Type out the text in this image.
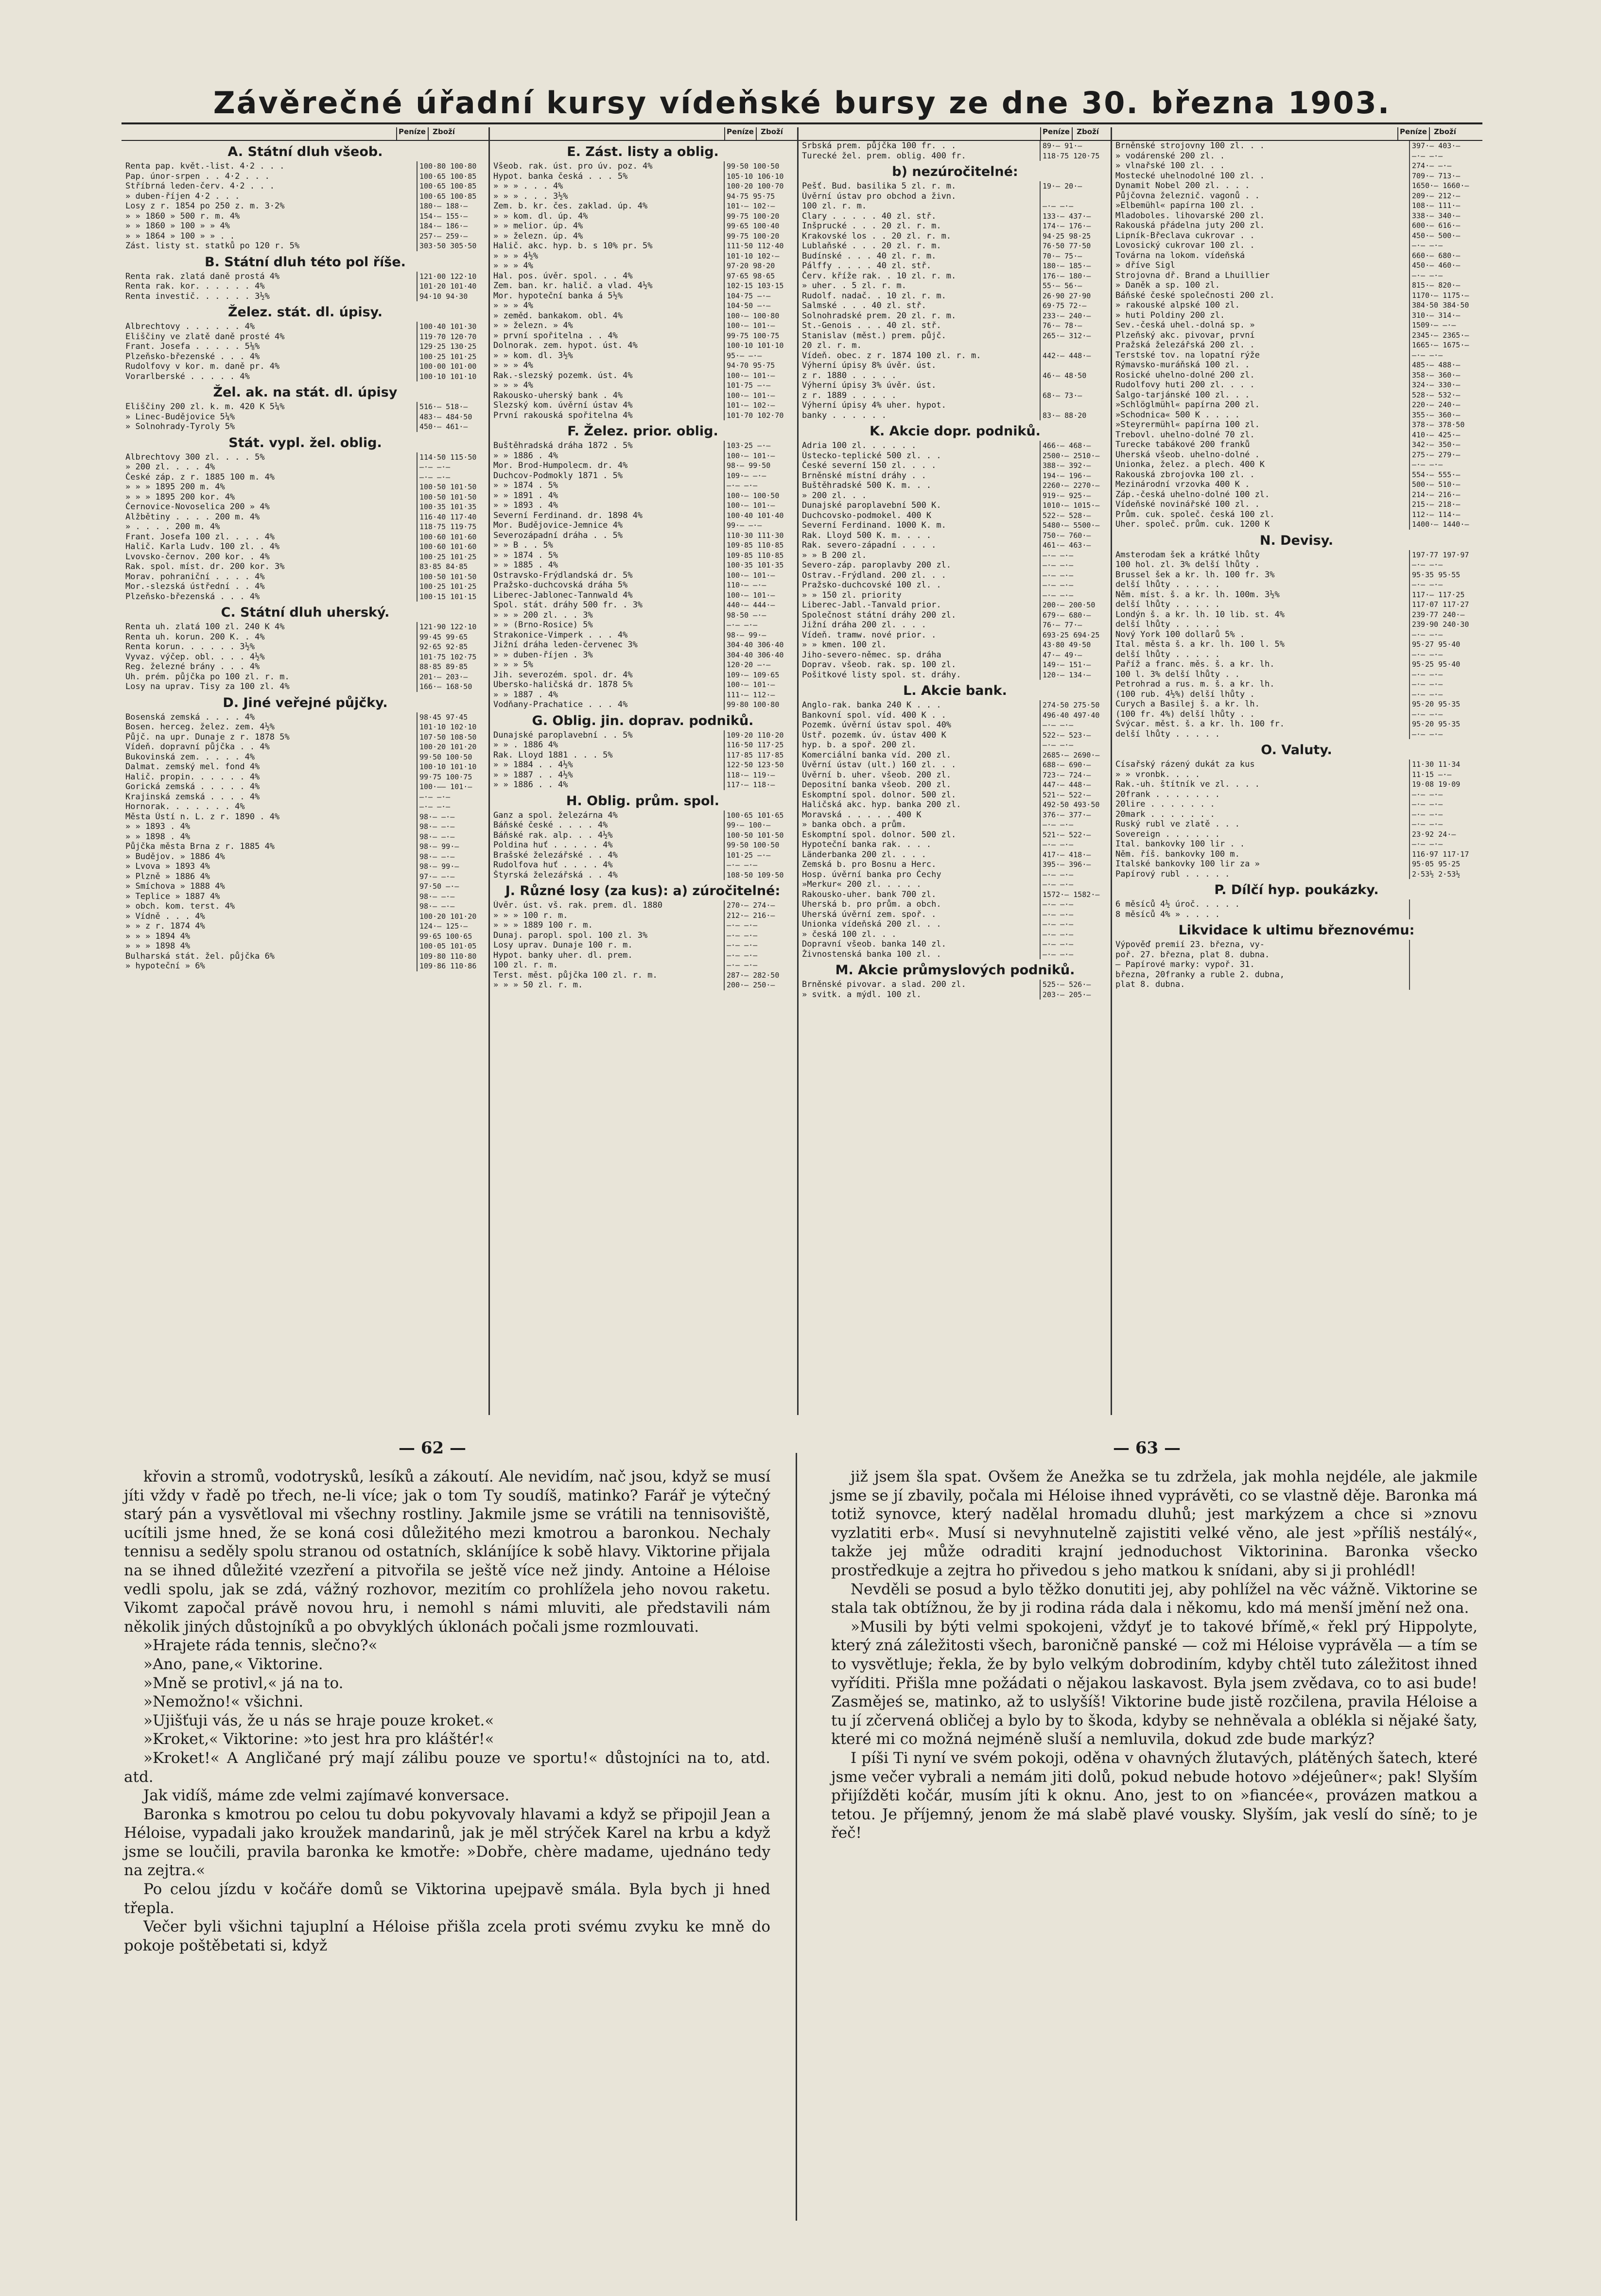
Závěrečné úřadní kursy vídeňské bursy ze dne 30. března 1903.
Peníze Zboží	Peníze Zboží	Peníze Zboží	Peníze Zboží
A. Státní dluh všeob.
Renta pap. květ.-list. 4·2 . . .	100·80 100·80
Pap. únor-srpen . . 4·2 . . .	100·65 100·85
Stříbrná leden-červ. 4·2 . . .	100·65 100·85
» duben-říjen 4·2 . . .	100·65 100·85
Losy z r. 1854 po 250 z. m. 3·2%	180·— 188·—
» » 1860 » 500 r. m. 4%	154·— 155·—
» » 1860 » 100 » » 4%	184·— 186·—
» » 1864 » 100 » » . .	257·— 259·—
Zást. listy st. statků po 120 r. 5%	303·50 305·50
B. Státní dluh této pol říše.
Renta rak. zlatá daně prostá 4%	121·00 122·10
Renta rak. kor. . . . . . 4%	101·20 101·40
Renta investič. . . . . . 3½%	94·10 94·30
Želez. stát. dl. úpisy.
Albrechtovy . . . . . . 4%	100·40 101·30
Eliščiny ve zlatě daně prosté 4%	119·70 120·70
Frant. Josefa . . . . . 5⅛%	129·25 130·25
Plzeňsko-březenské . . . 4%	100·25 101·25
Rudolfovy v kor. m. daně pr. 4%	100·00 101·00
Vorarlberské . . . . . 4%	100·10 101·10
Žel. ak. na stát. dl. úpisy
Eliščiny 200 zl. k. m. 420 K 5¼%	516·— 518·—
» Linec-Budějovice 5¼%	483·— 484·50
» Solnohrady-Tyroly 5%	450·— 461·—
Stát. vypl. žel. oblig.
Albrechtovy 300 zl. . . . 5%	114·50 115·50
» 200 zl. . . . 4%	—·— —·—
České záp. z r. 1885 100 m. 4%	—·— —·—
» » » 1895 200 m. 4%	100·50 101·50
» » » 1895 200 kor. 4%	100·50 101·50
Černovice-Novoselica 200 » 4%	100·35 101·35
Alžbětiny . . . . 200 m. 4%	116·40 117·40
» . . . . 200 m. 4%	118·75 119·75
Frant. Josefa 100 zl. . . . 4%	100·60 101·60
Halič. Karla Ludv. 100 zl. . 4%	100·60 101·60
Lvovsko-černov. 200 kor. . 4%	100·25 101·25
Rak. spol. míst. dr. 200 kor. 3%	83·85 84·85
Morav. pohraniční . . . . 4%	100·50 101·50
Mor.-slezská ústřední . . 4%	100·25 101·25
Plzeňsko-březenská . . . 4%	100·15 101·15
C. Státní dluh uherský.
Renta uh. zlatá 100 zl. 240 K 4%	121·90 122·10
Renta uh. korun. 200 K. . 4%	99·45 99·65
Renta korun. . . . . . 3½%	92·65 92·85
Vyvaz. výčep. obl. . . . 4½%	101·75 102·75
Reg. železné brány . . . 4%	88·85 89·85
Uh. prém. půjčka po 100 zl. r. m.	201·— 203·—
Losy na uprav. Tisy za 100 zl. 4%	166·— 168·50
D. Jiné veřejné půjčky.
Bosenská zemská . . . . 4%	98·45 97·45
Bosen. herceg. želez. zem. 4½%	101·10 102·10
Půjč. na upr. Dunaje z r. 1878 5%	107·50 108·50
Vídeň. dopravní půjčka . . 4%	100·20 101·20
Bukovinská zem. . . . . 4%	99·50 100·50
Dalmat. zemský mel. fond 4%	100·10 101·10
Halič. propin. . . . . . 4%	99·75 100·75
Gorická zemská . . . . . 4%	100·—— 101·—
Krajinská zemská . . . . 4%	—·— —·—
Hornorak. . . . . . . 4%	—·— —·—
Města Ústí n. L. z r. 1890 . 4%	98·— —·—
» » 1893 . 4%	98·— —·—
» » 1898 . 4%	98·— —·—
Půjčka města Brna z r. 1885 4%	98·— 99·—
» Budějov. » 1886 4%	98·— —·—
» Lvova » 1893 4%	98·— 99·—
» Plzně » 1886 4%	97·— —·—
» Smíchova » 1888 4%	97·50 —·—
» Teplice » 1887 4%	98·— —·—
» obch. kom. terst. 4%	98·— —·—
» Vídně . . . 4%	100·20 101·20
» » z r. 1874 4%	124·— 125·—
» » » 1894 4%	99·65 100·65
» » » 1898 4%	100·05 101·05
Bulharská stát. žel. půjčka 6%	109·80 110·80
» hypoteční » 6%	109·86 110·86
E. Zást. listy a oblig.
Všeob. rak. úst. pro úv. poz. 4%	99·50 100·50
Hypot. banka česká . . . 5%	105·10 106·10
» » » . . . 4%	100·20 100·70
» » » . . . 3½%	94·75 95·75
Zem. b. kr. čes. zaklad. úp. 4%	101·— 102·—
» » kom. dl. úp. 4%	99·75 100·20
» » melior. úp. 4%	99·65 100·40
» » železn. úp. 4%	99·75 100·20
Halič. akc. hyp. b. s 10% pr. 5%	111·50 112·40
» » » 4½%	101·10 102·—
» » » 4%	97·20 98·20
Hal. pos. úvěr. spol. . . 4%	97·65 98·65
Zem. ban. kr. halič. a vlad. 4½%	102·15 103·15
Mor. hypoteční banka á 5½%	104·75 —·—
» » » 4%	104·50 —·—
» zeměd. bankakom. obl. 4%	100·— 100·80
» » železn. » 4%	100·— 101·—
» první spořitelna . . 4%	99·75 100·75
Dolnorak. zem. hypot. úst. 4%	100·10 101·10
» » kom. dl. 3½%	95·— —·—
» » » 4%	94·70 95·75
Rak.-slezský pozemk. úst. 4%	100·— 101·—
» » » 4%	101·75 —·—
Rakousko-uherský bank . 4%	100·— 101·—
Slezský kom. úvěrní ústav 4%	101·— 102·—
První rakouská spořitelna 4%	101·70 102·70
F. Želez. prior. oblig.
Buštěhradská dráha 1872 . 5%	103·25 —·—
» » 1886 . 4%	100·— 101·—
Mor. Brod-Humpolecm. dr. 4%	98·— 99·50
Duchcov-Podmokly 1871 . 5%	109·— —·—
» » 1874 . 5%	—·— —·—
» » 1891 . 4%	100·— 100·50
» » 1893 . 4%	100·— 101·—
Severní Ferdinand. dr. 1898 4%	100·40 101·40
Mor. Budějovice-Jemnice 4%	99·— —·—
Severozápadní dráha . . 5%	110·30 111·30
» » B . . 5%	109·85 110·85
» » 1874 . 5%	109·85 110·85
» » 1885 . 4%	100·35 101·35
Ostravsko-Frýdlandská dr. 5%	100·— 101·—
Pražsko-duchcovská dráha 5%	110·— —·—
Liberec-Jablonec-Tannwald 4%	100·— 101·—
Spol. stát. dráhy 500 fr. . 3%	440·— 444·—
» » » 200 zl. . . 3%	98·50 —·—
» » (Brno-Rosice) 5%	—·— —·—
Strakonice-Vimperk . . . 4%	98·— 99·—
Jižní dráha leden-červenec 3%	304·40 306·40
» » duben-říjen . 3%	304·40 306·40
» » » 5%	120·20 —·—
Jih. severozém. spol. dr. 4%	109·— 109·65
Ubersko-haličská dr. 1878 5%	100·— 101·—
» » 1887 . 4%	111·— 112·—
Vodňany-Prachatice . . . 4%	99·80 100·80
G. Oblig. jin. doprav. podniků.
Dunajské paroplavební . . 5%	109·20 110·20
» » . 1886 4%	116·50 117·25
Rak. Lloyd 1881 . . . 5%	117·85 117·85
» » 1884 . . 4½%	122·50 123·50
» » 1887 . . 4½%	118·— 119·—
» » 1886 . . 4%	117·— 118·—
H. Oblig. prům. spol.
Ganz a spol. železárna 4%	100·65 101·65
Báňské české . . . . 4%	99·— 100·—
Báňské rak. alp. . . 4½%	100·50 101·50
Poldina huť . . . . . 4%	99·50 100·50
Brašské železářské . . 4%	101·25 —·—
Rudolfova huť . . . . 4%	—·— —·—
Štyrská železářská . . 4%	108·50 109·50
J. Různé losy (za kus): a) zúročitelné:
Úvěr. úst. vš. rak. prem. dl. 1880	270·— 274·—
» » » 100 r. m.	212·— 216·—
» » » 1889 100 r. m.	—·— —·—
Dunaj. paropl. spol. 100 zl. 3%	—·— —·—
Losy uprav. Dunaje 100 r. m.	—·— —·—
Hypot. banky uher. dl. prem.	—·— —·—
100 zl. r. m.	—·— —·—
Terst. měst. půjčka 100 zl. r. m.	287·— 282·50
» » » 50 zl. r. m.	200·— 250·—
Srbská prem. půjčka 100 fr. . .	89·— 91·—
Turecké žel. prem. oblig. 400 fr.	118·75 120·75
b) nezúročitelné:
Pešť. Bud. basilika 5 zl. r. m.	19·— 20·—
Úvěrní ústav pro obchod a živn.
100 zl. r. m.	—·— —·—
Clary . . . . . 40 zl. stř.	133·— 437·—
Inšprucké . . . 20 zl. r. m.	174·— 176·—
Krakovské los . . 20 zl. r. m.	94·25 98·25
Lublaňské . . . 20 zl. r. m.	76·50 77·50
Budínské . . . 40 zl. r. m.	70·— 75·—
Pálffy . . . . 40 zl. stř.	180·— 185·—
Červ. kříže rak. . 10 zl. r. m.	176·— 180·—
» uher. . 5 zl. r. m.	55·— 56·—
Rudolf. nadač. . 10 zl. r. m.	26·90 27·90
Salmské . . . 40 zl. stř.	69·75 72·—
Solnohradské prem. 20 zl. r. m.	233·— 240·—
St.-Genois . . . 40 zl. stř.	76·— 78·—
Stanislav (měst.) prem. půjč.	265·— 312·—
20 zl. r. m.
Vídeň. obec. z r. 1874 100 zl. r. m.	442·— 448·—
Výherní úpisy 8% úvěr. úst.
z r. 1880 . . . . .	46·— 48·50
Výherní úpisy 3% úvěr. úst.
z r. 1889 . . . . .	68·— 73·—
Výherní úpisy 4% uher. hypot.
banky . . . . . .	83·— 88·20
K. Akcie dopr. podniků.
Adria 100 zl. . . . . .	466·— 468·—
Ústecko-teplické 500 zl. . .	2500·— 2510·—
České severní 150 zl. . . .	388·— 392·—
Brněnské místní dráhy . .	194·— 196·—
Buštěhradské 500 K. m. . .	2260·— 2270·—
» 200 zl. . .	919·— 925·—
Dunajské paroplavební 500 K.	1010·— 1015·—
Duchcovsko-podmokel. 400 K	522·— 528·—
Severní Ferdinand. 1000 K. m.	5480·— 5500·—
Rak. Lloyd 500 K. m. . . .	750·— 760·—
Rak. severo-západní . . . .	461·— 463·—
» » B 200 zl.	—·— —·—
Severo-záp. paroplavby 200 zl.	—·— —·—
Ostrav.-Frýdland. 200 zl. . .	—·— —·—
Pražsko-duchcovské 100 zl. .	—·— —·—
» » 150 zl. priority	—·— —·—
Liberec-Jabl.-Tanvald prior.	200·— 200·50
Společnost státní dráhy 200 zl.	679·— 680·—
Jižní dráha 200 zl. . . .	76·— 77·—
Vídeň. tramw. nové prior. .	693·25 694·25
» » kmen. 100 zl.	43·80 49·50
Jiho-severo-němec. sp. dráha	47·— 49·—
Doprav. všeob. rak. sp. 100 zl.	149·— 151·—
Pošitkové listy spol. st. dráhy.	120·— 134·—
L. Akcie bank.
Anglo-rak. banka 240 K . . .	274·50 275·50
Bankovní spol. víd. 400 K . .	496·40 497·40
Pozemk. úvěrní ústav spol. 40%	—·— —·—
Ústř. pozemk. úv. ústav 400 K	522·— 523·—
hyp. b. a spoř. 200 zl.	—·— —·—
Komerciální banka víd. 200 zl.	2685·— 2690·—
Úvěrní ústav (ult.) 160 zl. . .	688·— 690·—
Úvěrní b. uher. všeob. 200 zl.	723·— 724·—
Depositní banka všeob. 200 zl.	447·— 448·—
Eskomptní spol. dolnor. 500 zl.	521·— 522·—
Haličská akc. hyp. banka 200 zl.	492·50 493·50
Moravská . . . . . 400 K	376·— 377·—
» banka obch. a prům.	—·— —·—
Eskomptní spol. dolnor. 500 zl.	521·— 522·—
Hypoteční banka rak. . . .	—·— —·—
Länderbanka 200 zl. . . .	417·— 418·—
Zemská b. pro Bosnu a Herc.	395·— 396·—
Hosp. úvěrní banka pro Čechy	—·— —·—
»Merkur« 200 zl. . . . .	—·— —·—
Rakousko-uher. bank 700 zl.	1572·— 1582·—
Uherská b. pro prům. a obch.	—·— —·—
Uherská úvěrní zem. spoř. .	—·— —·—
Unionka vídeňská 200 zl. . .	—·— —·—
» česká 100 zl. . .	—·— —·—
Dopravní všeob. banka 140 zl.	—·— —·—
Živnostenská banka 100 zl. .	—·— —·—
M. Akcie průmyslových podniků.
Brněnské pivovar. a slad. 200 zl.	525·— 526·—
» svitk. a mýdl. 100 zl.	203·— 205·—
Brněnské strojovny 100 zl. . .	397·— 403·—
» vodárenské 200 zl. .	—·— —·—
» vlnařské 100 zl. . .	274·— —·—
Mostecké uhelnodolné 100 zl. .	709·— 713·—
Dynamit Nobel 200 zl. . . .	1650·— 1660·—
Půjčovna železnič. vagonů . .	209·— 212·—
»Elbemühl« papírna 100 zl. .	108·— 111·—
Mladoboles. lihovarské 200 zl.	338·— 340·—
Rakouská přádelna juty 200 zl.	600·— 616·—
Lipník-Břeclava cukrovar . .	450·— 500·—
Lovosický cukrovar 100 zl. .	—·— —·—
Továrna na lokom. vídeňská	660·— 680·—
» dříve Sigl	450·— 460·—
Strojovna dř. Brand a Lhuillier	—·— —·—
» Daněk a sp. 100 zl.	815·— 820·—
Báňské české společnosti 200 zl.	1170·— 1175·—
» rakouské alpské 100 zl.	384·50 384·50
» huti Poldiny 200 zl.	310·— 314·—
Sev.-česká uhel.-dolná sp. »	1509·— —·—
Plzeňský akc. pivovar, první	2345·— 2365·—
Pražská železářská 200 zl. .	1665·— 1675·—
Terstské tov. na lopatní rýže	—·— —·—
Rýmavsko-muráňská 100 zl. .	485·— 488·—
Rosické uhelno-dolné 200 zl.	358·— 360·—
Rudolfovy huti 200 zl. . . .	324·— 330·—
Šalgo-tarjánské 100 zl. . .	528·— 532·—
»Schlöglmühl« papírna 200 zl.	220·— 240·—
»Schodnica« 500 K . . . .	355·— 360·—
»Steyrermühl« papírna 100 zl.	378·— 378·50
Trebovl. uhelno-dolné 70 zl.	410·— 425·—
Turecke tabákové 200 franků	342·— 350·—
Uherská všeob. uhelno-dolné .	275·— 279·—
Unionka, želez. a plech. 400 K	—·— —·—
Rakouská zbrojovka 100 zl. .	554·— 555·—
Mezinárodní vrzovka 400 K .	500·— 510·—
Záp.-česká uhelno-dolné 100 zl.	214·— 216·—
Vídeňské novinářské 100 zl. .	215·— 218·—
Prům. cuk. společ. česká 100 zl.	112·— 114·—
Uher. společ. prům. cuk. 1200 K	1400·— 1440·—
N. Devisy.
Amsterodam šek a krátké lhůty	197·77 197·97
100 hol. zl. 3% delší lhůty .	—·— —·—
Brussel šek a kr. lh. 100 fr. 3%	95·35 95·55
delší lhůty . . . . .	—·— —·—
Něm. míst. š. a kr. lh. 100m. 3½%	117·— 117·25
delší lhůty . . . . .	117·07 117·27
Londýn š. a kr. lh. 10 lib. st. 4%	239·77 240·—
delší lhůty . . . . .	239·90 240·30
Nový York 100 dollarů 5% .	—·— —·—
Ital. města š. a kr. lh. 100 l. 5%	95·27 95·40
delší lhůty . . . . .	—·— —·—
Paříž a franc. měs. š. a kr. lh.	95·25 95·40
100 l. 3% delší lhůty . .	—·— —·—
Petrohrad a rus. m. š. a kr. lh.	—·— —·—
(100 rub. 4½%) delší lhůty .	—·— —·—
Curych a Basilej š. a kr. lh.	95·20 95·35
(100 fr. 4%) delší lhůty . .	—·— —·—
Švýcar. měst. š. a kr. lh. 100 fr.	95·20 95·35
delší lhůty . . . . .	—·— —·—
O. Valuty.
Císařský rázený dukát za kus	11·30 11·34
» » vronbk. . . .	11·15 —·—
Rak.-uh. štítník ve zl. . . .	19·08 19·09
20frank . . . . . . .	—·— —·—
20lire . . . . . . .	—·— —·—
20mark . . . . . . .	—·— —·—
Ruský rubl ve zlatě . . .	—·— —·—
Sovereign . . . . . .	23·92 24·—
Ital. bankovky 100 lir . .	—·— —·—
Něm. říš. bankovky 100 m.	116·97 117·17
Italské bankovky 100 lir za »	95·05 95·25
Papírový rubl . . . . .	2·53½ 2·53½
P. Dílčí hyp. poukázky.
6 měsíců 4½ úroč. . . . .
8 měsíců 4% » . . . .
Likvidace k ultimu březnovému:
Výpověď premií 23. března, vy-
poř. 27. března, plat 8. dubna.
— Papírové marky: vypoř. 31.
března, 20franky a ruble 2. dubna,
plat 8. dubna.
— 62 —	— 63 —

křovin a stromů, vodotrysků, lesíků a zákoutí. Ale nevidím, nač jsou, když se musí jíti vždy v řadě po třech, ne-li více; jak o tom Ty soudíš, matinko? Farář je výtečný starý pán a vysvětloval mi všechny rostliny. Jakmile jsme se vrátili na tennisoviště, ucítili jsme hned, že se koná cosi důležitého mezi kmotrou a baronkou. Nechaly tennisu a seděly spolu stranou od ostatních, skláníjíce k sobě hlavy. Viktorine přijala na se ihned důležité vzezření a pitvořila se ještě více než jindy. Antoine a Héloise vedli spolu, jak se zdá, vážný rozhovor, mezitím co prohlížela jeho novou raketu. Vikomt započal právě novou hru, i nemohl s námi mluviti, ale představili nám několik jiných důstojníků a po obvyklých úklonách počali jsme rozmlouvati.

»Hrajete ráda tennis, slečno?«

»Ano, pane,« Viktorine.

»Mně se protivl,« já na to.

»Nemožno!« všichni.

»Ujišťuji vás, že u nás se hraje pouze kroket.«

»Kroket,« Viktorine: »to jest hra pro kláštér!«

»Kroket!« A Angličané prý mají zálibu pouze ve sportu!« důstojníci na to, atd. atd.

Jak vidíš, máme zde velmi zajímavé konversace.

Baronka s kmotrou po celou tu dobu pokyvovaly hlavami a když se připojil Jean a Héloise, vypadali jako kroužek mandarinů, jak je měl strýček Karel na krbu a když jsme se loučili, pravila baronka ke kmotře: »Dobře, chère madame, ujednáno tedy na zejtra.«

Po celou jízdu v kočáře domů se Viktorina upejpavě smála. Byla bych ji hned třepla.

Večer byli všichni tajuplní a Héloise přišla zcela proti svému zvyku ke mně do pokoje poštěbetati si, když

již jsem šla spat. Ovšem že Anežka se tu zdržela, jak mohla nejdéle, ale jakmile jsme se jí zbavily, počala mi Héloise ihned vyprávěti, co se vlastně děje. Baronka má totiž synovce, který nadělal hromadu dluhů; jest markýzem a chce si »znovu vyzlatiti erb«. Musí si nevyhnutelně zajistiti velké věno, ale jest »příliš nestálý«, takže jej může odraditi krajní jednoduchost Viktorinina. Baronka všecko prostředkuje a zejtra ho přivedou s jeho matkou k snídani, aby si ji prohlédl!

Nevděli se posud a bylo těžko donutiti jej, aby pohlížel na věc vážně. Viktorine se stala tak obtížnou, že by ji rodina ráda dala i někomu, kdo má menší jmění než ona.

»Musili by býti velmi spokojeni, vždyť je to takové břímě,« řekl prý Hippolyte, který zná záležitosti všech, baroničně panské — což mi Héloise vyprávěla — a tím se to vysvětluje; řekla, že by bylo velkým dobrodiním, kdyby chtěl tuto záležitost ihned vyříditi. Přišla mne požádati o nějakou laskavost. Byla jsem zvědava, co to asi bude! Zasmějeś se, matinko, až to uslyšíš! Viktorine bude jistě rozčilena, pravila Héloise a tu jí zčervená obličej a bylo by to škoda, kdyby se nehněvala a oblékla si nějaké šaty, které mi co možná nejméně sluší a nemluvila, dokud zde bude markýz?

I píši Ti nyní ve svém pokoji, oděna v ohavných žlutavých, plátěných šatech, které jsme večer vybrali a nemám jiti dolů, pokud nebude hotovo »déjeûner«; pak! Slyším přijížděti kočár, musím jíti k oknu. Ano, jest to on »fiancée«, provázen matkou a tetou. Je příjemný, jenom že má slabě plavé vousky. Slyším, jak veslí do síně; to je řeč!
